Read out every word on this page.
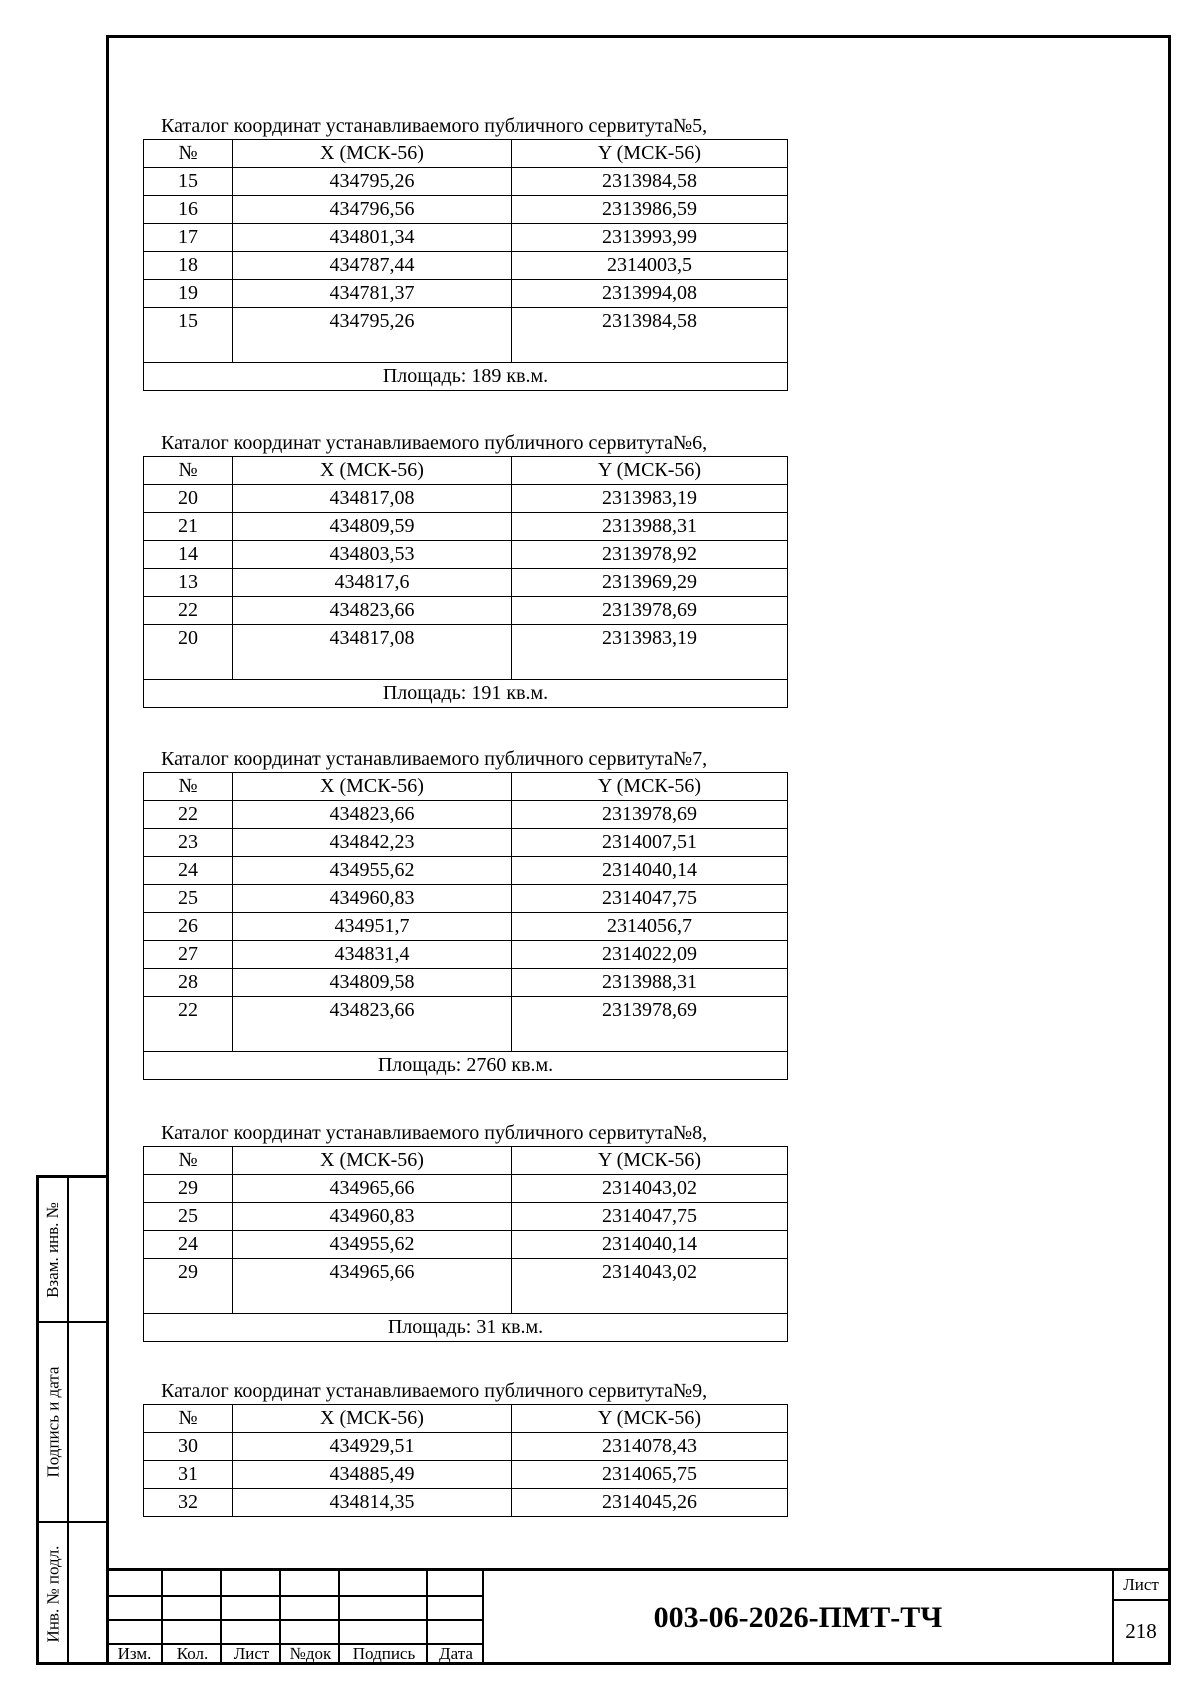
Взам. инв. №
Подпись и дата
Инв. № подл.
Каталог координат устанавливаемого публичного сервитута№5,
№	X (МСК-56)	Y (МСК-56)
15	434795,26	2313984,58
16	434796,56	2313986,59
17	434801,34	2313993,99
18	434787,44	2314003,5
19	434781,37	2313994,08
15	434795,26	2313984,58
Площадь: 189 кв.м.		
Каталог координат устанавливаемого публичного сервитута№6,
№	X (МСК-56)	Y (МСК-56)
20	434817,08	2313983,19
21	434809,59	2313988,31
14	434803,53	2313978,92
13	434817,6	2313969,29
22	434823,66	2313978,69
20	434817,08	2313983,19
Площадь: 191 кв.м.		
Каталог координат устанавливаемого публичного сервитута№7,
№	X (МСК-56)	Y (МСК-56)
22	434823,66	2313978,69
23	434842,23	2314007,51
24	434955,62	2314040,14
25	434960,83	2314047,75
26	434951,7	2314056,7
27	434831,4	2314022,09
28	434809,58	2313988,31
22	434823,66	2313978,69
Площадь: 2760 кв.м.		
Каталог координат устанавливаемого публичного сервитута№8,
№	X (МСК-56)	Y (МСК-56)
29	434965,66	2314043,02
25	434960,83	2314047,75
24	434955,62	2314040,14
29	434965,66	2314043,02
Площадь: 31 кв.м.		
Каталог координат устанавливаемого публичного сервитута№9,
№	X (МСК-56)	Y (МСК-56)
30	434929,51	2314078,43
31	434885,49	2314065,75
32	434814,35	2314045,26
Изм.	Кол.	Лист	№док	Подпись	Дата
003-06-2026-ПМТ-ТЧ
Лист
218
